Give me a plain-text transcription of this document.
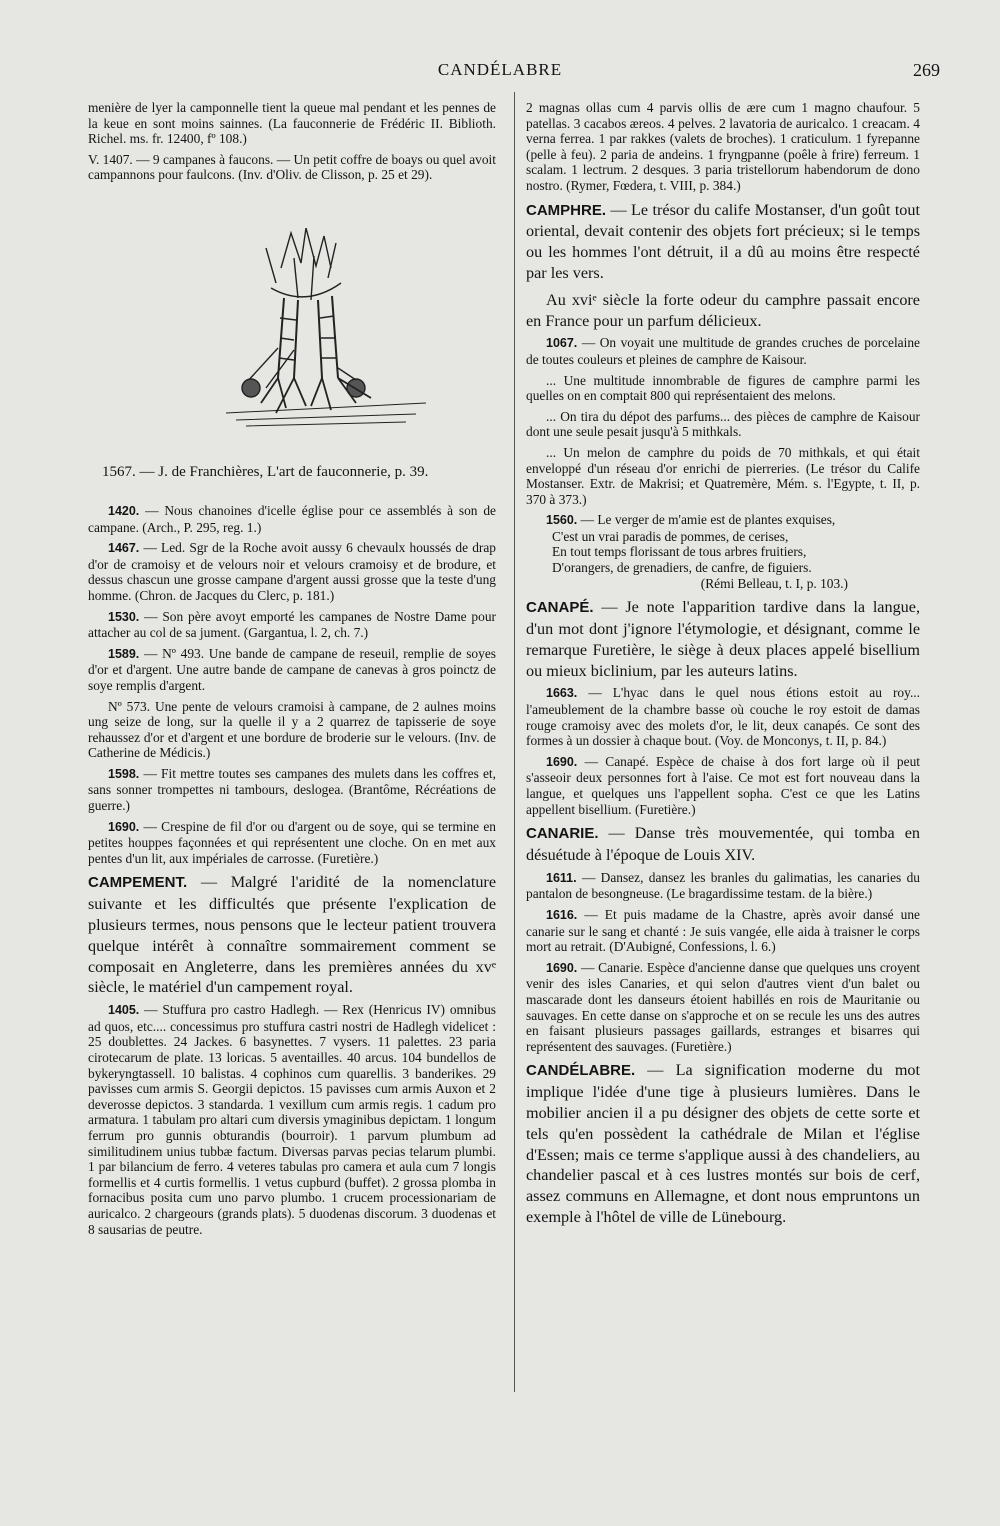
CANDÉLABRE	269

menière de lyer la camponnelle tient la queue mal pendant et les pennes de la keue en sont moins sainnes. (La fauconnerie de Frédéric II. Biblioth. Richel. ms. fr. 12400, fº 108.)

V. 1407. — 9 campanes à faucons. — Un petit coffre de boays ou quel avoit campannons pour faulcons. (Inv. d'Oliv. de Clisson, p. 25 et 29).

1567. — J. de Franchières, L'art de fauconnerie, p. 39.

1420. — Nous chanoines d'icelle église pour ce assemblés à son de campane. (Arch., P. 295, reg. 1.)

1467. — Led. Sgr de la Roche avoit aussy 6 chevaulx houssés de drap d'or de cramoisy et de velours noir et velours cramoisy et de brodure, et dessus chascun une grosse campane d'argent aussi grosse que la teste d'ung homme. (Chron. de Jacques du Clerc, p. 181.)

1530. — Son père avoyt emporté les campanes de Nostre Dame pour attacher au col de sa jument. (Gargantua, l. 2, ch. 7.)

1589. — Nº 493. Une bande de campane de reseuil, remplie de soyes d'or et d'argent. Une autre bande de campane de canevas à gros poinctz de soye remplis d'argent.

Nº 573. Une pente de velours cramoisi à campane, de 2 aulnes moins ung seize de long, sur la quelle il y a 2 quarrez de tapisserie de soye rehaussez d'or et d'argent et une bordure de broderie sur le velours. (Inv. de Catherine de Médicis.)

1598. — Fit mettre toutes ses campanes des mulets dans les coffres et, sans sonner trompettes ni tambours, deslogea. (Brantôme, Récréations de guerre.)

1690. — Crespine de fil d'or ou d'argent ou de soye, qui se termine en petites houppes façonnées et qui représentent une cloche. On en met aux pentes d'un lit, aux impériales de carrosse. (Furetière.)

CAMPEMENT. — Malgré l'aridité de la nomenclature suivante et les difficultés que présente l'explication de plusieurs termes, nous pensons que le lecteur patient trouvera quelque intérêt à connaître sommairement comment se composait en Angleterre, dans les premières années du xvᵉ siècle, le matériel d'un campement royal.

1405. — Stuffura pro castro Hadlegh. — Rex (Henricus IV) omnibus ad quos, etc.... concessimus pro stuffura castri nostri de Hadlegh videlicet : 25 doublettes. 24 Jackes. 6 basynettes. 7 vysers. 11 palettes. 23 paria cirotecarum de plate. 13 loricas. 5 aventailles. 40 arcus. 104 bundellos de bykeryngtassell. 10 balistas. 4 cophinos cum quarellis. 3 banderikes. 29 pavisses cum armis S. Georgii depictos. 15 pavisses cum armis Auxon et 2 deverosse depictos. 3 standarda. 1 vexillum cum armis regis. 1 cadum pro armatura. 1 tabulam pro altari cum diversis ymaginibus depictam. 1 longum ferrum pro gunnis obturandis (bourroir). 1 parvum plumbum ad similitudinem unius tubbæ factum. Diversas parvas pecias telarum plumbi. 1 par bilancium de ferro. 4 veteres tabulas pro camera et aula cum 7 longis formellis et 4 curtis formellis. 1 vetus cupburd (buffet). 2 grossa plomba in fornacibus posita cum uno parvo plumbo. 1 crucem processionariam de auricalco. 2 chargeours (grands plats). 5 duodenas discorum. 3 duodenas et 8 sausarias de peutre.

2 magnas ollas cum 4 parvis ollis de ære cum 1 magno chaufour. 5 patellas. 3 cacabos æreos. 4 pelves. 2 lavatoria de auricalco. 1 creacam. 4 verna ferrea. 1 par rakkes (valets de broches). 1 craticulum. 1 fyrepanne (pelle à feu). 2 paria de andeins. 1 fryngpanne (poêle à frire) ferreum. 1 scalam. 1 lectrum. 2 desques. 3 paria tristellorum habendorum de dono nostro. (Rymer, Fœdera, t. VIII, p. 384.)

CAMPHRE. — Le trésor du calife Mostanser, d'un goût tout oriental, devait contenir des objets fort précieux; si le temps ou les hommes l'ont détruit, il a dû au moins être respecté par les vers.

Au xviᵉ siècle la forte odeur du camphre passait encore en France pour un parfum délicieux.

1067. — On voyait une multitude de grandes cruches de porcelaine de toutes couleurs et pleines de camphre de Kaisour.

... Une multitude innombrable de figures de camphre parmi les quelles on en comptait 800 qui représentaient des melons.

... On tira du dépot des parfums... des pièces de camphre de Kaisour dont une seule pesait jusqu'à 5 mithkals.

... Un melon de camphre du poids de 70 mithkals, et qui était enveloppé d'un réseau d'or enrichi de pierreries. (Le trésor du Calife Mostanser. Extr. de Makrisi; et Quatremère, Mém. s. l'Egypte, t. II, p. 370 à 373.)

1560. — Le verger de m'amie est de plantes exquises,

C'est un vrai paradis de pommes, de cerises,

En tout temps florissant de tous arbres fruitiers,

D'orangers, de grenadiers, de canfre, de figuiers.

(Rémi Belleau, t. I, p. 103.)

CANAPÉ. — Je note l'apparition tardive dans la langue, d'un mot dont j'ignore l'étymologie, et désignant, comme le remarque Furetière, le siège à deux places appelé bisellium ou mieux biclinium, par les auteurs latins.

1663. — L'hyac dans le quel nous étions estoit au roy... l'ameublement de la chambre basse où couche le roy estoit de damas rouge cramoisy avec des molets d'or, le lit, deux canapés. Ce sont des formes à un dossier à chaque bout. (Voy. de Monconys, t. II, p. 84.)

1690. — Canapé. Espèce de chaise à dos fort large où il peut s'asseoir deux personnes fort à l'aise. Ce mot est fort nouveau dans la langue, et quelques uns l'appellent sopha. C'est ce que les Latins appellent bisellium. (Furetière.)

CANARIE. — Danse très mouvementée, qui tomba en désuétude à l'époque de Louis XIV.

1611. — Dansez, dansez les branles du galimatias, les canaries du pantalon de besongneuse. (Le bragardissime testam. de la bière.)

1616. — Et puis madame de la Chastre, après avoir dansé une canarie sur le sang et chanté : Je suis vangée, elle aida à traisner le corps mort au retrait. (D'Aubigné, Confessions, l. 6.)

1690. — Canarie. Espèce d'ancienne danse que quelques uns croyent venir des isles Canaries, et qui selon d'autres vient d'un balet ou mascarade dont les danseurs étoient habillés en rois de Mauritanie ou sauvages. En cette danse on s'approche et on se recule les uns des autres en faisant plusieurs passages gaillards, estranges et bisarres qui représentent des sauvages. (Furetière.)

CANDÉLABRE. — La signification moderne du mot implique l'idée d'une tige à plusieurs lumières. Dans le mobilier ancien il a pu désigner des objets de cette sorte et tels qu'en possèdent la cathédrale de Milan et l'église d'Essen; mais ce terme s'applique aussi à des chandeliers, au chandelier pascal et à ces lustres montés sur bois de cerf, assez communs en Allemagne, et dont nous empruntons un exemple à l'hôtel de ville de Lünebourg.
